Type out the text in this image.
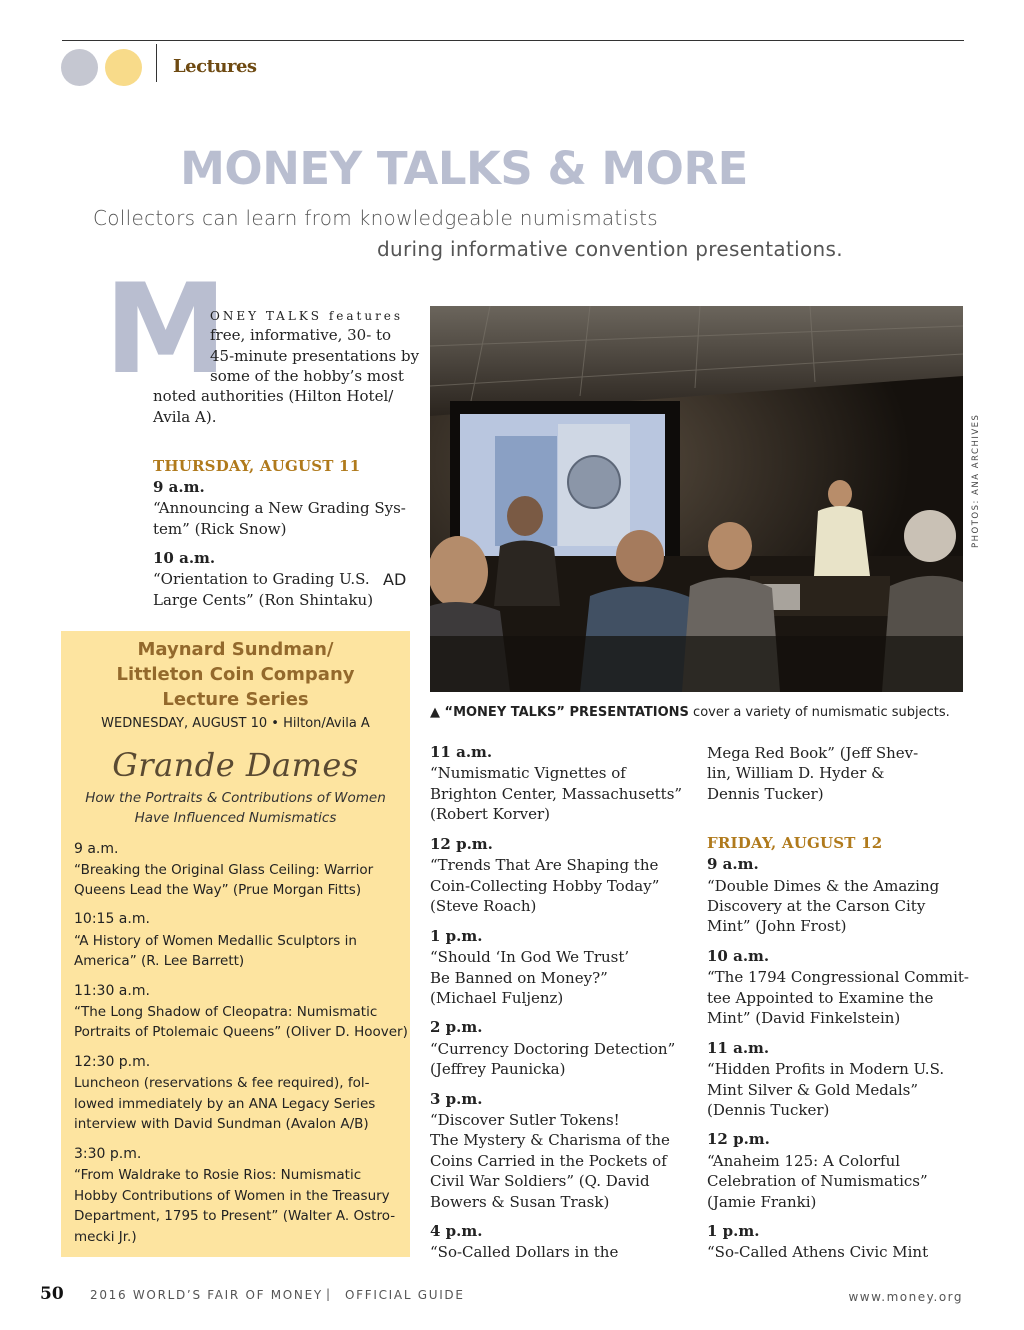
Lectures
MONEY TALKS & MORE
Collectors can learn from knowledgeable numismatists
during informative convention presentations.
M
ONEY TALKS features
free, informative, 30- to
45-minute presentations by
some of the hobby’s most
noted authorities (Hilton Hotel/
Avila A).
THURSDAY, AUGUST 11
9 a.m.
“Announcing a New Grading Sys-
tem” (Rick Snow)
10 a.m.
“Orientation to Grading U.S.
Large Cents” (Ron Shintaku)
AD
PHOTOS: ANA ARCHIVES
▲ “MONEY TALKS” PRESENTATIONS cover a variety of numismatic subjects.
Maynard Sundman/
Littleton Coin Company
Lecture Series
WEDNESDAY, AUGUST 10 • Hilton/Avila A
Grande Dames
How the Portraits & Contributions of Women
Have Influenced Numismatics
9 a.m.
“Breaking the Original Glass Ceiling: Warrior
Queens Lead the Way” (Prue Morgan Fitts)
10:15 a.m.
“A History of Women Medallic Sculptors in
America” (R. Lee Barrett)
11:30 a.m.
“The Long Shadow of Cleopatra: Numismatic
Portraits of Ptolemaic Queens” (Oliver D. Hoover)
12:30 p.m.
Luncheon (reservations & fee required), fol-
lowed immediately by an ANA Legacy Series
interview with David Sundman (Avalon A/B)
3:30 p.m.
“From Waldrake to Rosie Rios: Numismatic
Hobby Contributions of Women in the Treasury
Department, 1795 to Present” (Walter A. Ostro-
mecki Jr.)
11 a.m.
“Numismatic Vignettes of
Brighton Center, Massachusetts”
(Robert Korver)
12 p.m.
“Trends That Are Shaping the
Coin-Collecting Hobby Today”
(Steve Roach)
1 p.m.
“Should ‘In God We Trust’
Be Banned on Money?”
(Michael Fuljenz)
2 p.m.
“Currency Doctoring Detection”
(Jeffrey Paunicka)
3 p.m.
“Discover Sutler Tokens!
The Mystery & Charisma of the
Coins Carried in the Pockets of
Civil War Soldiers” (Q. David
Bowers & Susan Trask)
4 p.m.
“So-Called Dollars in the
Mega Red Book” (Jeff Shev-
lin, William D. Hyder &
Dennis Tucker)
FRIDAY, AUGUST 12
9 a.m.
“Double Dimes & the Amazing
Discovery at the Carson City
Mint” (John Frost)
10 a.m.
“The 1794 Congressional Commit-
tee Appointed to Examine the
Mint” (David Finkelstein)
11 a.m.
“Hidden Profits in Modern U.S.
Mint Silver & Gold Medals”
(Dennis Tucker)
12 p.m.
“Anaheim 125: A Colorful
Celebration of Numismatics”
(Jamie Franki)
1 p.m.
“So-Called Athens Civic Mint
50 2016 WORLD’S FAIR OF MONEY | OFFICIAL GUIDE	www.money.org
